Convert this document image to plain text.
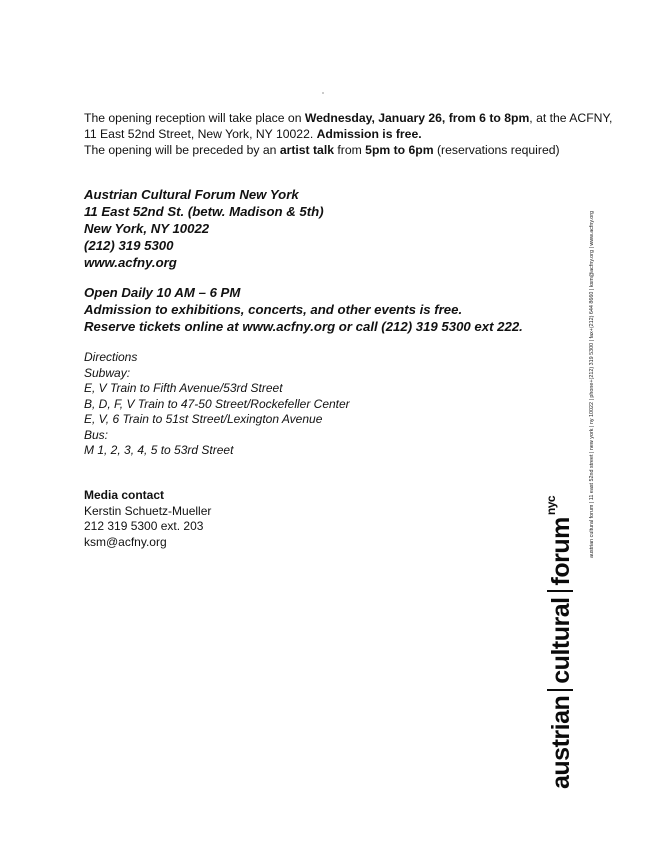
The opening reception will take place on Wednesday, January 26, from 6 to 8pm, at the ACFNY,

11 East 52nd Street, New York, NY 10022. Admission is free.

The opening will be preceded by an artist talk from 5pm to 6pm (reservations required)

Austrian Cultural Forum New York
11 East 52nd St. (betw. Madison & 5th)
New York, NY 10022
(212) 319 5300
www.acfny.org
Open Daily 10 AM – 6 PM
Admission to exhibitions, concerts, and other events is free.
Reserve tickets online at www.acfny.org or call (212) 319 5300 ext 222.
Directions
Subway:
E, V Train to Fifth Avenue/53rd Street
B, D, F, V Train to 47-50 Street/Rockefeller Center
E, V, 6 Train to 51st Street/Lexington Avenue
Bus:
M 1, 2, 3, 4, 5 to 53rd Street
Media contact
Kerstin Schuetz-Mueller
212 319 5300 ext. 203
ksm@acfny.org	austrian cultural forum | 11 east 52nd street | new york | ny 10022 | phone+(212) 319 5300 | fax+(212) 644 8660 | ksm@acfny.org | www.acfny.org
austrianculturalforum$^{nyc}$
